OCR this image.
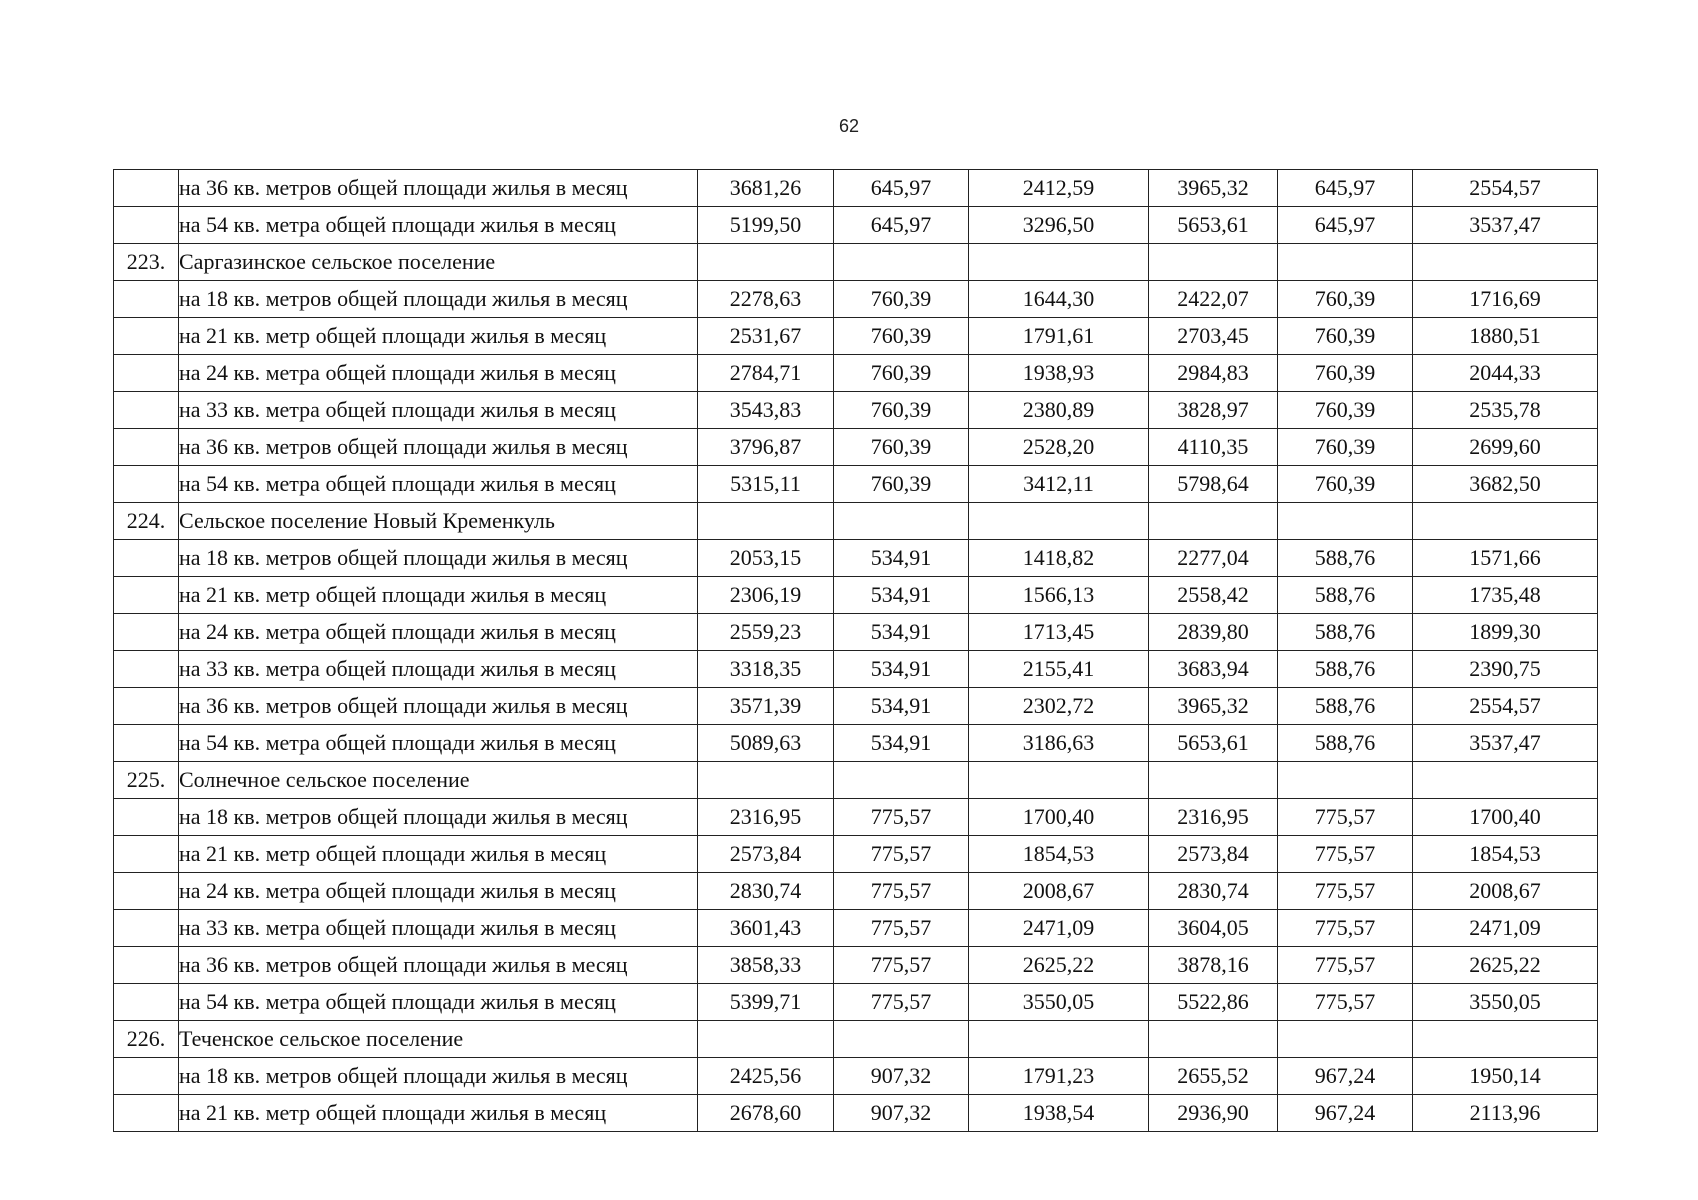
62
	на 36 кв. метров общей площади жилья в месяц	3681,26	645,97	2412,59	3965,32	645,97	2554,57
	на 54 кв. метра общей площади жилья в месяц	5199,50	645,97	3296,50	5653,61	645,97	3537,47
223.	Саргазинское сельское поселение						
	на 18 кв. метров общей площади жилья в месяц	2278,63	760,39	1644,30	2422,07	760,39	1716,69
	на 21 кв. метр общей площади жилья в месяц	2531,67	760,39	1791,61	2703,45	760,39	1880,51
	на 24 кв. метра общей площади жилья в месяц	2784,71	760,39	1938,93	2984,83	760,39	2044,33
	на 33 кв. метра общей площади жилья в месяц	3543,83	760,39	2380,89	3828,97	760,39	2535,78
	на 36 кв. метров общей площади жилья в месяц	3796,87	760,39	2528,20	4110,35	760,39	2699,60
	на 54 кв. метра общей площади жилья в месяц	5315,11	760,39	3412,11	5798,64	760,39	3682,50
224.	Сельское поселение Новый Кременкуль						
	на 18 кв. метров общей площади жилья в месяц	2053,15	534,91	1418,82	2277,04	588,76	1571,66
	на 21 кв. метр общей площади жилья в месяц	2306,19	534,91	1566,13	2558,42	588,76	1735,48
	на 24 кв. метра общей площади жилья в месяц	2559,23	534,91	1713,45	2839,80	588,76	1899,30
	на 33 кв. метра общей площади жилья в месяц	3318,35	534,91	2155,41	3683,94	588,76	2390,75
	на 36 кв. метров общей площади жилья в месяц	3571,39	534,91	2302,72	3965,32	588,76	2554,57
	на 54 кв. метра общей площади жилья в месяц	5089,63	534,91	3186,63	5653,61	588,76	3537,47
225.	Солнечное сельское поселение						
	на 18 кв. метров общей площади жилья в месяц	2316,95	775,57	1700,40	2316,95	775,57	1700,40
	на 21 кв. метр общей площади жилья в месяц	2573,84	775,57	1854,53	2573,84	775,57	1854,53
	на 24 кв. метра общей площади жилья в месяц	2830,74	775,57	2008,67	2830,74	775,57	2008,67
	на 33 кв. метра общей площади жилья в месяц	3601,43	775,57	2471,09	3604,05	775,57	2471,09
	на 36 кв. метров общей площади жилья в месяц	3858,33	775,57	2625,22	3878,16	775,57	2625,22
	на 54 кв. метра общей площади жилья в месяц	5399,71	775,57	3550,05	5522,86	775,57	3550,05
226.	Теченское сельское поселение						
	на 18 кв. метров общей площади жилья в месяц	2425,56	907,32	1791,23	2655,52	967,24	1950,14
	на 21 кв. метр общей площади жилья в месяц	2678,60	907,32	1938,54	2936,90	967,24	2113,96
